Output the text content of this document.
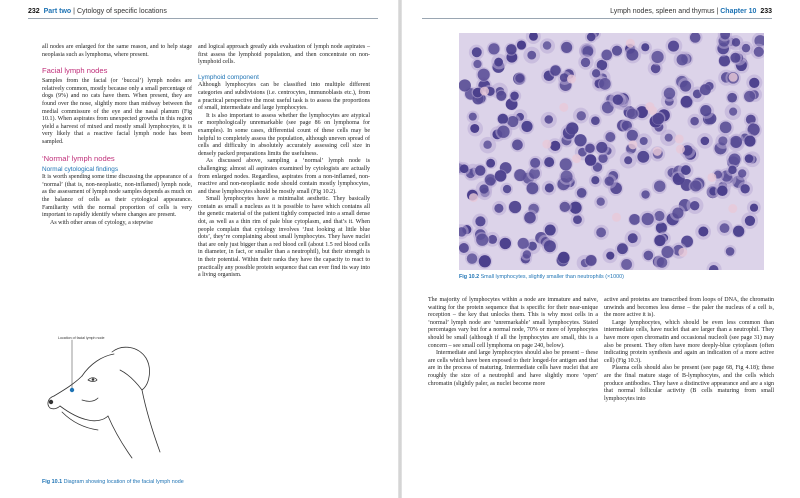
232 Part two | Cytology of specific locations

all nodes are enlarged for the same reason, and to help stage neoplasia such as lymphoma, where present.

Facial lymph nodes

Samples from the facial (or ‘buccal’) lymph nodes are relatively common, mostly because only a small percentage of dogs (9%) and no cats have them. When present, they are found over the nose, slightly more than midway between the medial commissure of the eye and the nasal planum (Fig 10.1). When aspirates from unexpected growths in this region yield a harvest of mixed and mostly small lymphocytes, it is very likely that a reactive facial lymph node has been sampled.

‘Normal’ lymph nodes
Normal cytological findings

It is worth spending some time discussing the appearance of a ‘normal’ (that is, non-neoplastic, non-inflamed) lymph node, as the assessment of lymph node samples depends as much on the balance of cells as their cytological appearance. Familiarity with the normal proportion of cells is very important to rapidly identify where changes are present.

As with other areas of cytology, a stepwise

and logical approach greatly aids evaluation of lymph node aspirates – first assess the lymphoid population, and then concentrate on non-lymphoid cells.

Lymphoid component

Although lymphocytes can be classified into multiple different categories and subdivisions (i.e. centrocytes, immunoblasts etc.), from a practical perspective the most useful task is to assess the proportions of small, intermediate and large lymphocytes.

It is also important to assess whether the lymphocytes are atypical or morphologically unremarkable (see page 86 on lymphoma for examples). In some cases, differential count of these cells may be helpful to completely assess the population, although uneven spread of cells and difficulty in absolutely accurately assessing cell size in densely packed preparations limits the usefulness.

As discussed above, sampling a ‘normal’ lymph node is challenging; almost all aspirates examined by cytologists are actually from enlarged nodes. Regardless, aspirates from a non-inflamed, non-reactive and non-neoplastic node should contain mostly lymphocytes, and these lymphocytes should be mostly small (Fig 10.2).

Small lymphocytes have a minimalist aesthetic. They basically contain as small a nucleus as it is possible to have which contains all the genetic material of the patient tightly compacted into a small dense dot, as well as a thin rim of pale blue cytoplasm, and that’s it. When people complain that cytology involves ‘Just looking at little blue dots’, they’re complaining about small lymphocytes. They have nuclei that are only just bigger than a red blood cell (about 1.5 red blood cells in diameter, in fact, or smaller than a neutrophil), but their strength is in their potential. Within their ranks they have the capacity to react to practically any possible protein sequence that can ever find its way into a living organism.

Location of facial lymph node
Fig 10.1 Diagram showing location of the facial lymph node
Lymph nodes, spleen and thymus | Chapter 10 233
Fig 10.2 Small lymphocytes, slightly smaller than neutrophils (×1000)

The majority of lymphocytes within a node are immature and naive, waiting for the protein sequence that is specific for their near-unique reception – the key that unlocks them. This is why most cells in a ‘normal’ lymph node are ‘unremarkable’ small lymphocytes. Stated percentages vary but for a normal node, 70% or more of lymphocytes should be small (although if all the lymphocytes are small, this is a concern – see small cell lymphoma on page 240, below).

Intermediate and large lymphocytes should also be present – these are cells which have been exposed to their longed-for antigen and that are in the process of maturing. Intermediate cells have nuclei that are roughly the size of a neutrophil and have slightly more ‘open’ chromatin (slightly paler, as nuclei become more

active and proteins are transcribed from loops of DNA, the chromatin unwinds and becomes less dense – the paler the nucleus of a cell is, the more active it is).

Large lymphocytes, which should be even less common than intermediate cells, have nuclei that are larger than a neutrophil. They have more open chromatin and occasional nucleoli (see page 31) may also be present. They often have more deeply-blue cytoplasm (often indicating protein synthesis and again an indication of a more active cell) (Fig 10.3).

Plasma cells should also be present (see page 68, Fig 4.18); these are the final mature stage of B-lymphocytes, and the cells which produce antibodies. They have a distinctive appearance and are a sign that normal follicular activity (B cells maturing from small lymphocytes into
